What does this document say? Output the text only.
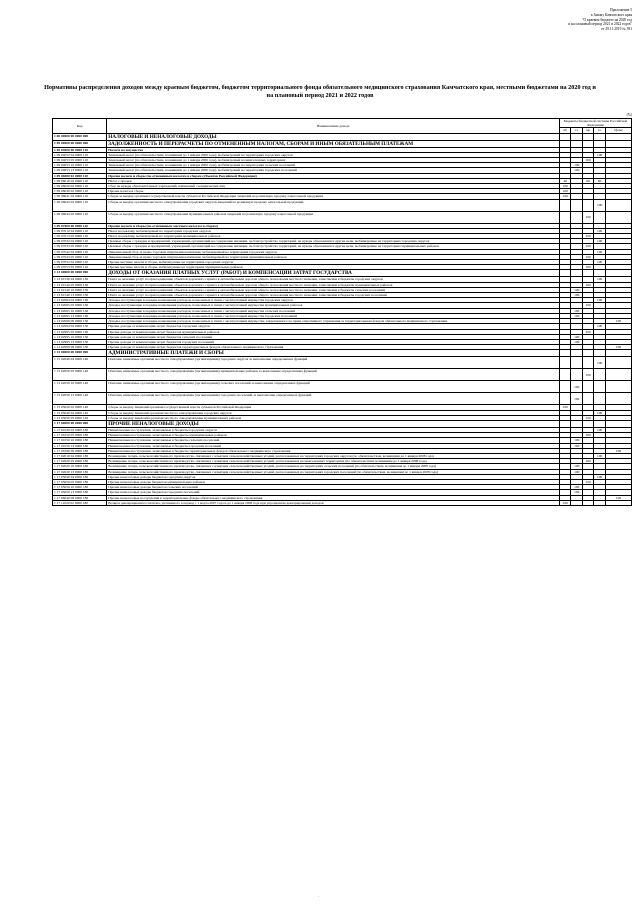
Приложение 5
к Закону Камчатского края
"О краевом бюджете на 2020 год
и на плановый период 2021 и 2022 годов"
от 29.11.2019 № 391
Нормативы распределения доходов между краевым бюджетом, бюджетом территориального фонда обязательного медицинского страхования Камчатского края, местными бюджетами на 2020 год и на плановый период 2021 и 2022 годов
(%)
Код	Наименование дохода	Бюджеты бюджетной системы Российской Федерации				
		кб	гг	мр	го	тфомс
1 00 00000 00 0000 000	НАЛОГОВЫЕ И НЕНАЛОГОВЫЕ ДОХОДЫ					
1 09 00000 00 0000 000	ЗАДОЛЖЕННОСТЬ И ПЕРЕРАСЧЕТЫ ПО ОТМЕНЕННЫМ НАЛОГАМ, СБОРАМ И ИНЫМ ОБЯЗАТЕЛЬНЫМ ПЛАТЕЖАМ					
1 09 04000 00 0000 110	Налоги на имущество					
1 09 04052 04 0000 110	Земельный налог (по обязательствам, возникшим до 1 января 2006 года), мобилизуемый на территориях городских округов				100	
1 09 04053 05 0000 110	Земельный налог (по обязательствам, возникшим до 1 января 2006 года), мобилизуемый на межселенных территориях			100		
1 09 04053 10 0000 110	Земельный налог (по обязательствам, возникшим до 1 января 2006 года), мобилизуемый на территориях сельских поселений		100			
1 09 04053 13 0000 110	Земельный налог (по обязательствам, возникшим до 1 января 2006 года), мобилизуемый на территориях городских поселений		100			
1 09 06000 02 0000 110	Прочие налоги и сборы (по отмененным налогам и сборам субъектов Российской Федерации)					
1 09 06010 02 0000 110	Налог с продаж	40		60	60	
1 09 06020 02 0000 110	Сбор на нужды образовательных учреждений, взимаемый с юридических лиц	100				
1 09 06030 02 0000 110	Прочие налоги и сборы	100				
1 09 06041 02 0000 110	Сборы за выдачу органами государственной власти субъектов Российской Федерации лицензий на розничную продажу алкогольной продукции	100				
1 09 06043 02 0000 110	Сборы за выдачу органами местного самоуправления городских округов лицензий на розничную продажу алкогольной продукции				100	
1 09 06044 02 0000 110	Сборы за выдачу органами местного самоуправления муниципальных районов лицензий на розничную продажу алкогольной продукции			100		
1 09 07000 00 0000 110	Прочие налоги и сборы (по отмененным местным налогам и сборам)					
1 09 07012 04 0000 110	Налог на рекламу, мобилизуемый на территориях городских округов				100	
1 09 07013 05 0000 110	Налог на рекламу, мобилизуемый на территориях муниципальных районов			100		
1 09 07032 04 0000 110	Целевые сборы с граждан и предприятий, учреждений, организаций на содержание милиции, на благоустройство территорий, на нужды образования и другие цели, мобилизуемые на территориях городских округов				100	
1 09 07033 05 0000 110	Целевые сборы с граждан и предприятий, учреждений, организаций на содержание милиции, на благоустройство территорий, на нужды образования и другие цели, мобилизуемые на территориях муниципальных районов			100		
1 09 07042 04 0000 110	Лицензионный сбор за право торговли спиртными напитками, мобилизуемый на территориях городских округов				100	
1 09 07043 05 0000 110	Лицензионный сбор за право торговли спиртными напитками, мобилизуемый на территориях муниципальных районов			100		
1 09 07052 04 0000 110	Прочие местные налоги и сборы, мобилизуемые на территориях городских округов				100	
1 09 07053 05 0000 110	Прочие местные налоги и сборы, мобилизуемые на территориях муниципальных районов			100		
1 13 00000 00 0000 000	ДОХОДЫ ОТ ОКАЗАНИЯ ПЛАТНЫХ УСЛУГ (РАБОТ) И КОМПЕНСАЦИИ ЗАТРАТ ГОСУДАРСТВА					
1 13 01530 04 0000 130	Плата за оказание услуг по присоединению объектов дорожного сервиса к автомобильным дорогам общего пользования местного значения, зачисляемая в бюджеты городских округов				100	
1 13 01540 05 0000 130	Плата за оказание услуг по присоединению объектов дорожного сервиса к автомобильным дорогам общего пользования местного значения, зачисляемая в бюджеты муниципальных районов			100		
1 13 01540 10 0000 130	Плата за оказание услуг по присоединению объектов дорожного сервиса к автомобильным дорогам общего пользования местного значения, зачисляемая в бюджеты сельских поселений		100			
1 13 01540 13 0000 130	Плата за оказание услуг по присоединению объектов дорожного сервиса к автомобильным дорогам общего пользования местного значения, зачисляемая в бюджеты городских поселений		100			
1 13 02064 04 0000 130	Доходы, поступающие в порядке возмещения расходов, понесенных в связи с эксплуатацией имущества городских округов				100	
1 13 02065 05 0000 130	Доходы, поступающие в порядке возмещения расходов, понесенных в связи с эксплуатацией имущества муниципальных районов			100		
1 13 02065 10 0000 130	Доходы, поступающие в порядке возмещения расходов, понесенных в связи с эксплуатацией имущества сельских поселений		100			
1 13 02065 13 0000 130	Доходы, поступающие в порядке возмещения расходов, понесенных в связи с эксплуатацией имущества городских поселений		100			
1 13 02069 09 0000 130	Доходы, поступающие в порядке возмещения расходов, понесенных в связи с эксплуатацией имущества, закрепленного на праве оперативного управления за территориальным фондом обязательного медицинского страхования					100
1 13 02994 04 0000 130	Прочие доходы от компенсации затрат бюджетов городских округов				100	
1 13 02995 05 0000 130	Прочие доходы от компенсации затрат бюджетов муниципальных районов			100		
1 13 02995 10 0000 130	Прочие доходы от компенсации затрат бюджетов сельских поселений		100			
1 13 02995 13 0000 130	Прочие доходы от компенсации затрат бюджетов городских поселений		100			
1 13 02999 09 0000 130	Прочие доходы от компенсации затрат бюджетов территориальных фондов обязательного медицинского страхования					100
1 15 00000 00 0000 000	АДМИНИСТРАТИВНЫЕ ПЛАТЕЖИ И СБОРЫ					
1 15 02040 04 0000 140	Платежи, взимаемые органами местного самоуправления (организациями) городских округов за выполнение определенных функций				100	
1 15 02050 05 0000 140	Платежи, взимаемые органами местного самоуправления (организациями) муниципальных районов за выполнение определенных функций			100		
1 15 02050 10 0000 140	Платежи, взимаемые органами местного самоуправления (организациями) сельских поселений за выполнение определенных функций		100			
1 15 02050 13 0000 140	Платежи, взимаемые органами местного самоуправления (организациями) городских поселений за выполнение определенных функций		100			
1 15 05020 02 0000 140	Сборы за выдачу лицензий органами государственной власти субъектов Российской Федерации	100				
1 15 05040 04 0000 140	Сборы за выдачу лицензий органами местного самоуправления городских округов				100	
1 15 05050 05 0000 140	Сборы за выдачу лицензий органами местного самоуправления муниципальных районов			100		
1 17 00000 00 0000 000	ПРОЧИЕ НЕНАЛОГОВЫЕ ДОХОДЫ					
1 17 01040 04 0000 180	Невыясненные поступления, зачисляемые в бюджеты городских округов				100	
1 17 01050 05 0000 180	Невыясненные поступления, зачисляемые в бюджеты муниципальных районов			100		
1 17 01050 10 0000 180	Невыясненные поступления, зачисляемые в бюджеты сельских поселений		100			
1 17 01050 13 0000 180	Невыясненные поступления, зачисляемые в бюджеты городских поселений		100			
1 17 01090 09 0000 180	Невыясненные поступления, зачисляемые в бюджеты территориальных фондов обязательного медицинского страхования					100
1 17 02010 04 0000 180	Возмещение потерь сельскохозяйственного производства, связанных с изъятием сельскохозяйственных угодий, расположенных на территориях городских округов (по обязательствам, возникшим до 1 января 2008 года)				100	
1 17 02020 05 0000 180	Возмещение потерь сельскохозяйственного производства, связанных с изъятием сельскохозяйственных угодий, расположенных на межселенных территориях (по обязательствам, возникшим до 1 января 2008 года)			100		
1 17 02020 10 0000 180	Возмещение потерь сельскохозяйственного производства, связанных с изъятием сельскохозяйственных угодий, расположенных на территориях сельских поселений (по обязательствам, возникшим до 1 января 2008 года)		100			
1 17 02020 13 0000 180	Возмещение потерь сельскохозяйственного производства, связанных с изъятием сельскохозяйственных угодий, расположенных на территориях городских поселений (по обязательствам, возникшим до 1 января 2008 года)		100			
1 17 05040 04 0000 180	Прочие неналоговые доходы бюджетов городских округов				100	
1 17 05050 05 0000 180	Прочие неналоговые доходы бюджетов муниципальных районов			100		
1 17 05050 10 0000 180	Прочие неналоговые доходы бюджетов сельских поселений		100			
1 17 05050 13 0000 180	Прочие неналоговые доходы бюджетов городских поселений		100			
1 17 06040 09 0000 180	Прочие неналоговые поступления в территориальные фонды обязательного медицинского страхования					100
1 17 11020 02 0000 180	Возврат декларационного платежа, уплаченного в период с 1 марта 2007 года и до 1 января 2008 года при упрощенном декларировании доходов	100				
·
